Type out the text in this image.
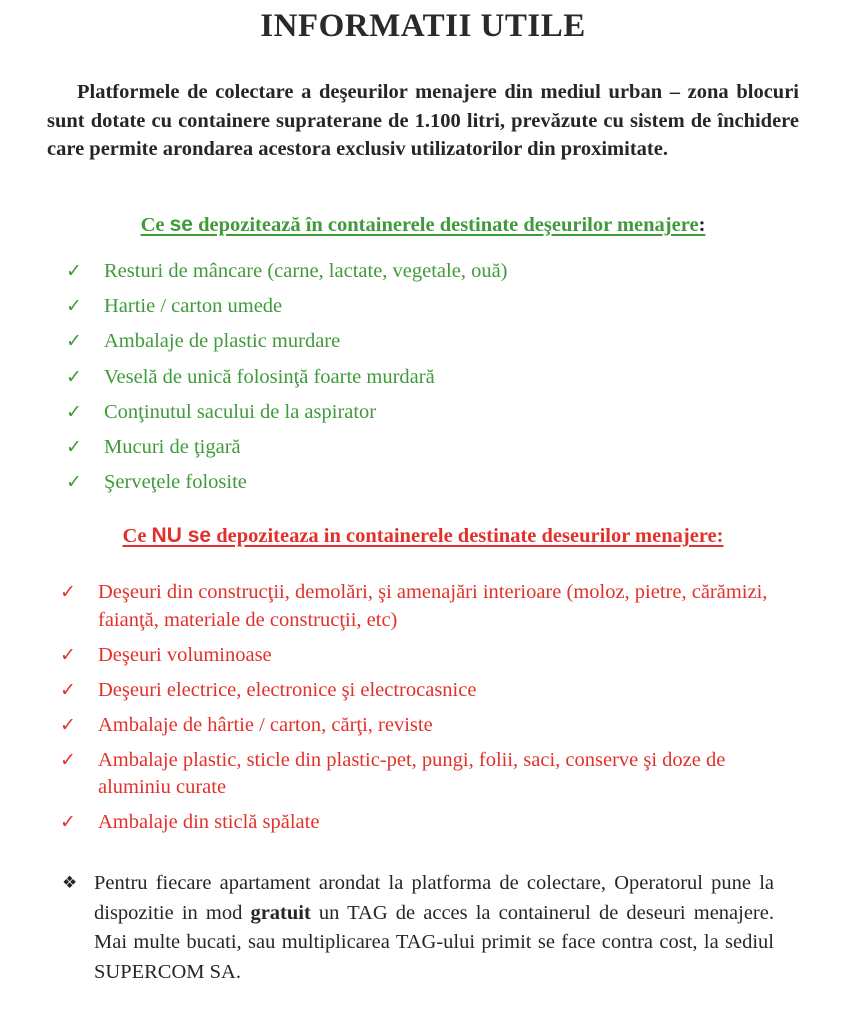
INFORMATII UTILE
Platformele de colectare a deşeurilor menajere din mediul urban – zona blocuri sunt dotate cu containere supraterane de 1.100 litri, prevăzute cu sistem de închidere care permite arondarea acestora exclusiv utilizatorilor din proximitate.
Ce se depozitează în containerele destinate deşeurilor menajere:
✓	Resturi de mâncare (carne, lactate, vegetale, ouă)
✓	Hartie / carton umede
✓	Ambalaje de plastic murdare
✓	Veselă de unică folosinţă foarte murdară
✓	Conţinutul sacului de la aspirator
✓	Mucuri de ţigară
✓	Şerveţele folosite
Ce NU se depoziteaza in containerele destinate deseurilor menajere:
✓	Deşeuri din construcţii, demolări, şi amenajări interioare (moloz, pietre, cărămizi, faianţă, materiale de construcţii, etc)
✓	Deşeuri voluminoase
✓	Deşeuri electrice, electronice şi electrocasnice
✓	Ambalaje de hârtie / carton, cărţi, reviste
✓	Ambalaje plastic, sticle din plastic-pet, pungi, folii, saci, conserve şi doze de aluminiu curate
✓	Ambalaje din sticlă spălate
❖ Pentru fiecare apartament arondat la platforma de colectare, Operatorul pune la dispozitie in mod gratuit un TAG de acces la containerul de deseuri menajere. Mai multe bucati, sau multiplicarea TAG-ului primit se face contra cost, la sediul SUPERCOM SA.
